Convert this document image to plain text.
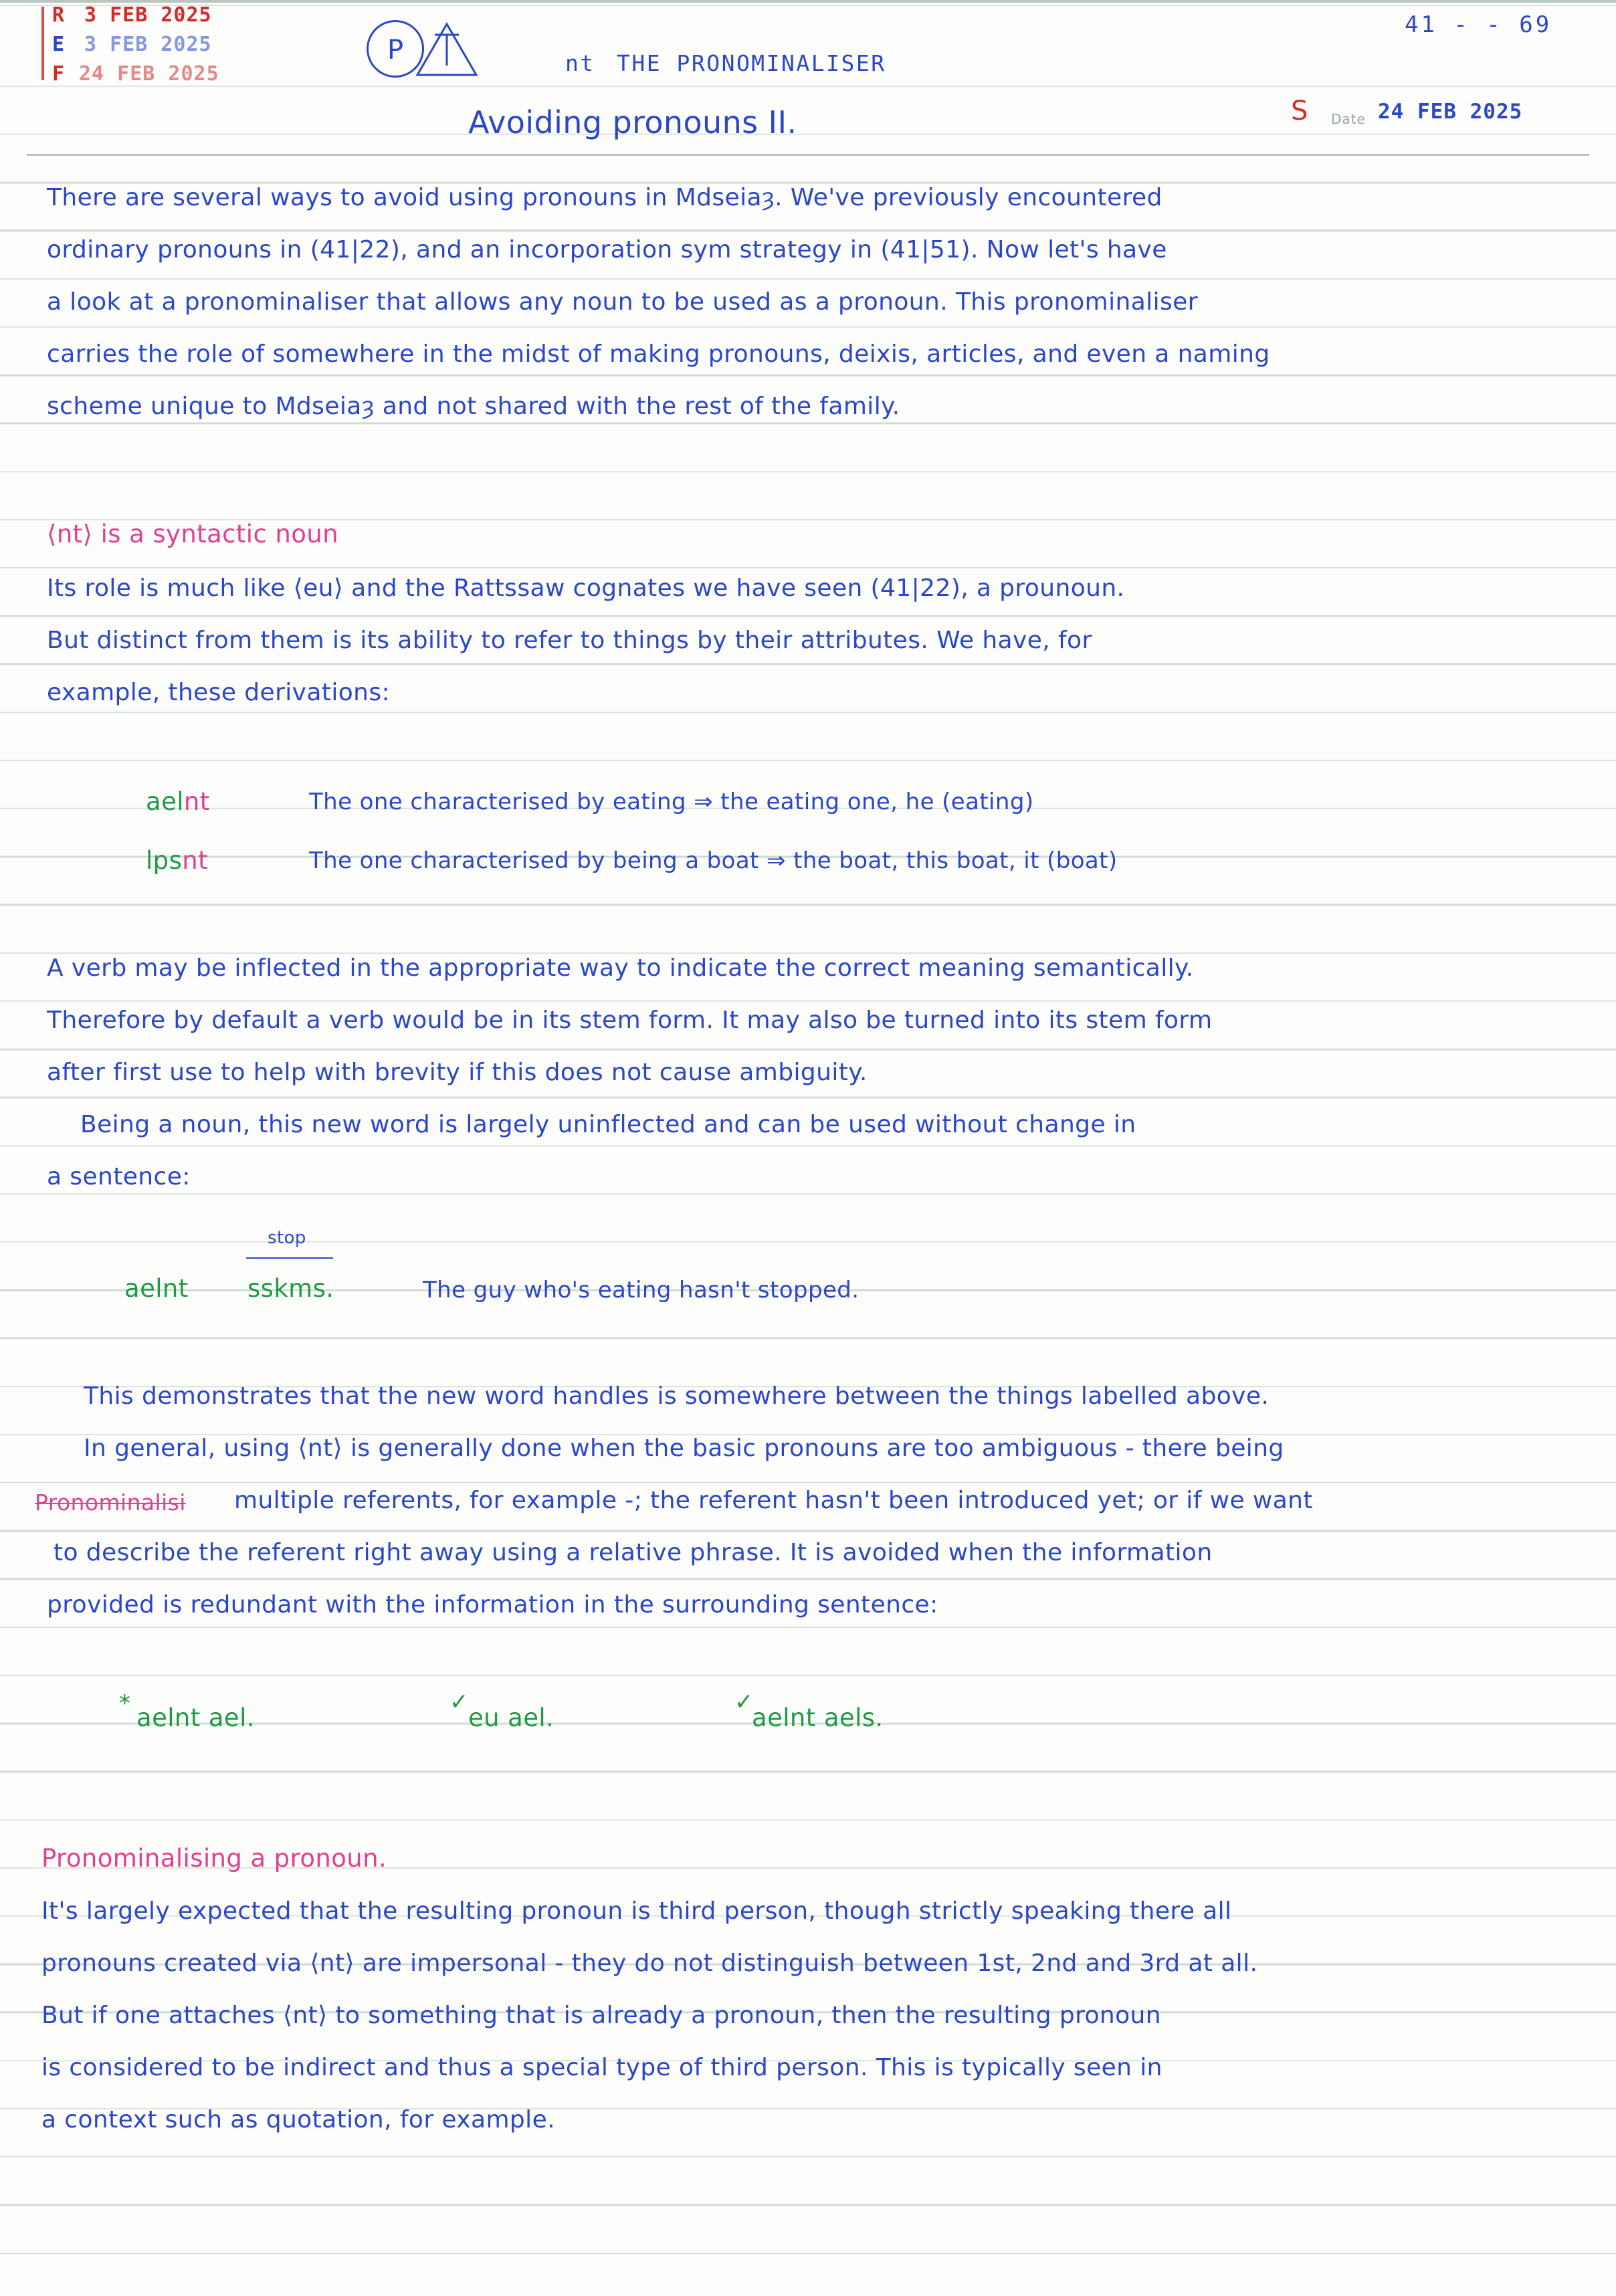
R 3 FEB 2025
E 3 FEB 2025
F 24 FEB 2025
P	nt THE PRONOMINALISER
Avoiding pronouns II.
41 - - 69
S Date 24 FEB 2025
There are several ways to avoid using pronouns in Mdseiaȝ. We've previously encountered
ordinary pronouns in (41|22), and an incorporation sym strategy in (41|51). Now let's have
a look at a pronominaliser that allows any noun to be used as a pronoun. This pronominaliser
carries the role of somewhere in the midst of making pronouns, deixis, articles, and even a naming
scheme unique to Mdseiaȝ and not shared with the rest of the family.
⟨nt⟩ is a syntactic noun
Its role is much like ⟨eu⟩ and the Rattssaw cognates we have seen (41|22), a prounoun.
But distinct from them is its ability to refer to things by their attributes. We have, for
example, these derivations:
aelnt	The one characterised by eating ⇒ the eating one, he (eating)
lpsnt	The one characterised by being a boat ⇒ the boat, this boat, it (boat)
A verb may be inflected in the appropriate way to indicate the correct meaning semantically.
Therefore by default a verb would be in its stem form. It may also be turned into its stem form
after first use to help with brevity if this does not cause ambiguity.
Being a noun, this new word is largely uninflected and can be used without change in
a sentence:
stop
aelnt sskms.	The guy who's eating hasn't stopped.
This demonstrates that the new word handles is somewhere between the things labelled above.
In general, using ⟨nt⟩ is generally done when the basic pronouns are too ambiguous - there being
Pronominalisi multiple referents, for example -; the referent hasn't been introduced yet; or if we want
to describe the referent right away using a relative phrase. It is avoided when the information
provided is redundant with the information in the surrounding sentence:
* aelnt ael.
✓
eu ael.
✓
aelnt aels.
Pronominalising a pronoun.
It's largely expected that the resulting pronoun is third person, though strictly speaking there all
pronouns created via ⟨nt⟩ are impersonal - they do not distinguish between 1st, 2nd and 3rd at all.
But if one attaches ⟨nt⟩ to something that is already a pronoun, then the resulting pronoun
is considered to be indirect and thus a special type of third person. This is typically seen in
a context such as quotation, for example.
